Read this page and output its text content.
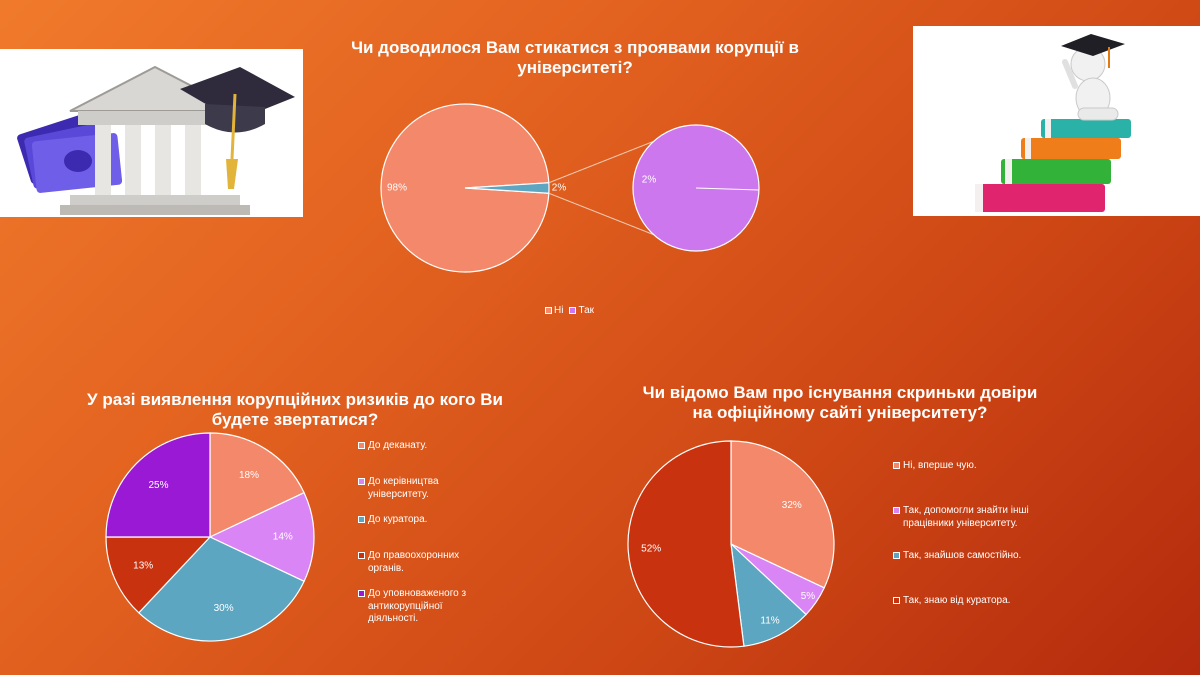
Чи доводилося Вам стикатися з проявами корупції в університеті?
У разі виявлення корупційних ризиків до кого Ви будете звертатися?
Чи відомо Вам про існування скриньки довіри на офіційному сайті університету?
98%	2%
2%
18%
14%
30%
13%
25%
32%
5%
11%
52%
Ні Так
До деканату.
До керівництва університету.
До куратора.
До правоохоронних органів.
До уповноваженого з антикорупційної діяльності.
Ні, вперше чую.
Так, допомогли знайти інші працівники університету.
Так, знайшов самостійно.
Так, знаю від куратора.
